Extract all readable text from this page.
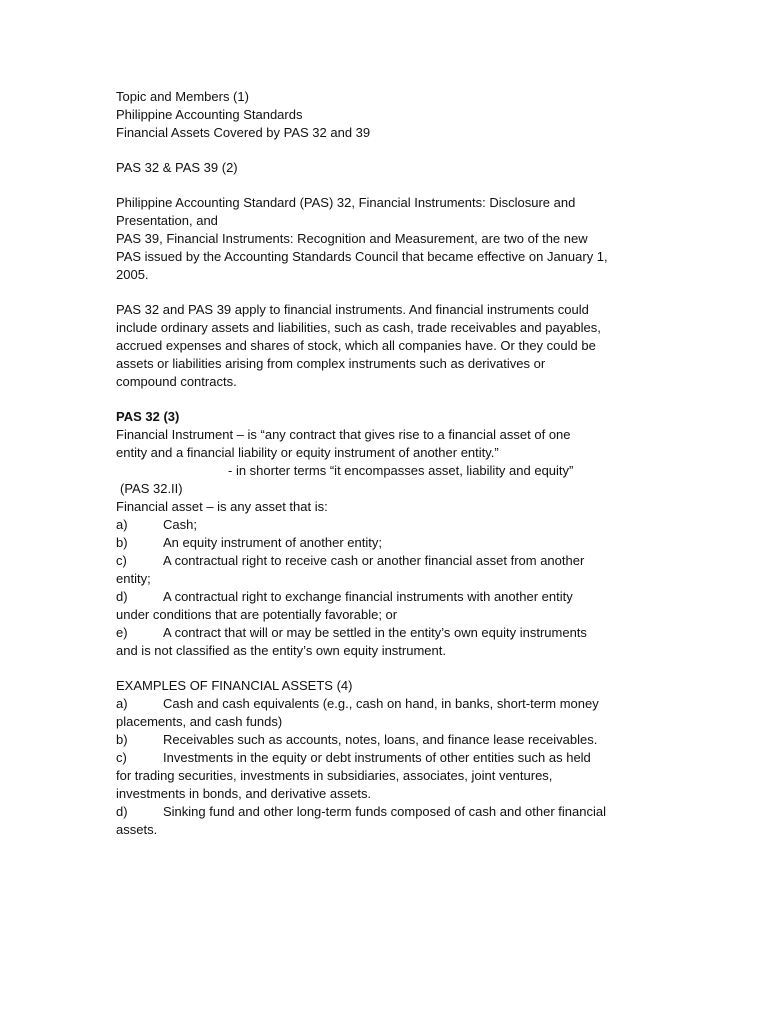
Topic and Members (1)
Philippine Accounting Standards
Financial Assets Covered by PAS 32 and 39
PAS 32 & PAS 39 (2)
Philippine Accounting Standard (PAS) 32, Financial Instruments: Disclosure and
Presentation, and
PAS 39, Financial Instruments: Recognition and Measurement, are two of the new
PAS issued by the Accounting Standards Council that became effective on January 1,
2005.
PAS 32 and PAS 39 apply to financial instruments. And financial instruments could
include ordinary assets and liabilities, such as cash, trade receivables and payables,
accrued expenses and shares of stock, which all companies have. Or they could be
assets or liabilities arising from complex instruments such as derivatives or
compound contracts.
PAS 32 (3)
Financial Instrument – is “any contract that gives rise to a financial asset of one
entity and a financial liability or equity instrument of another entity.”
- in shorter terms “it encompasses asset, liability and equity”
(PAS 32.II)
Financial asset – is any asset that is:
a)	Cash;
b)	An equity instrument of another entity;
c)	A contractual right to receive cash or another financial asset from another
entity;
d)	A contractual right to exchange financial instruments with another entity
under conditions that are potentially favorable; or
e)	A contract that will or may be settled in the entity’s own equity instruments
and is not classified as the entity’s own equity instrument.
EXAMPLES OF FINANCIAL ASSETS (4)
a)	Cash and cash equivalents (e.g., cash on hand, in banks, short-term money
placements, and cash funds)
b)	Receivables such as accounts, notes, loans, and finance lease receivables.
c)	Investments in the equity or debt instruments of other entities such as held
for trading securities, investments in subsidiaries, associates, joint ventures,
investments in bonds, and derivative assets.
d)	Sinking fund and other long-term funds composed of cash and other financial
assets.
